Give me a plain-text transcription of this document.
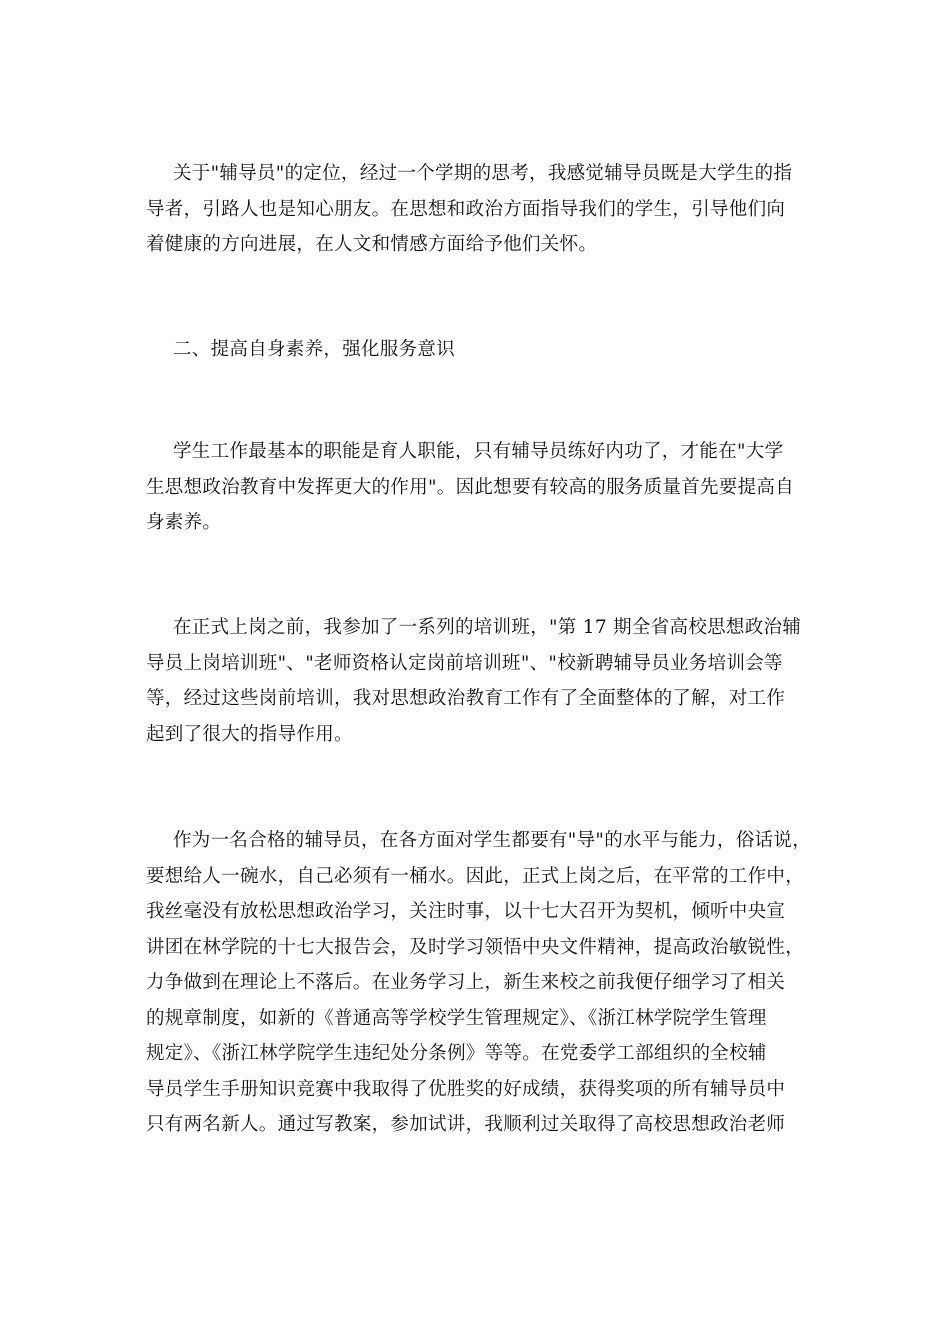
关于"辅导员"的定位，经过一个学期的思考，我感觉辅导员既是大学生的指
导者，引路人也是知心朋友。在思想和政治方面指导我们的学生，引导他们向
着健康的方向进展，在人文和情感方面给予他们关怀。
二、提高自身素养，强化服务意识
学生工作最基本的职能是育人职能，只有辅导员练好内功了，才能在"大学
生思想政治教育中发挥更大的作用"。因此想要有较高的服务质量首先要提高自
身素养。
在正式上岗之前，我参加了一系列的培训班，"第 17 期全省高校思想政治辅
导员上岗培训班"、"老师资格认定岗前培训班"、"校新聘辅导员业务培训会等
等，经过这些岗前培训，我对思想政治教育工作有了全面整体的了解，对工作
起到了很大的指导作用。
作为一名合格的辅导员，在各方面对学生都要有"导"的水平与能力，俗话说，
要想给人一碗水，自己必须有一桶水。因此，正式上岗之后，在平常的工作中，
我丝毫没有放松思想政治学习，关注时事，以十七大召开为契机，倾听中央宣
讲团在林学院的十七大报告会，及时学习领悟中央文件精神，提高政治敏锐性，
力争做到在理论上不落后。在业务学习上，新生来校之前我便仔细学习了相关
的规章制度，如新的《普通高等学校学生管理规定》、《浙江林学院学生管理
规定》、《浙江林学院学生违纪处分条例》等等。在党委学工部组织的全校辅
导员学生手册知识竞赛中我取得了优胜奖的好成绩，获得奖项的所有辅导员中
只有两名新人。通过写教案，参加试讲，我顺利过关取得了高校思想政治老师
